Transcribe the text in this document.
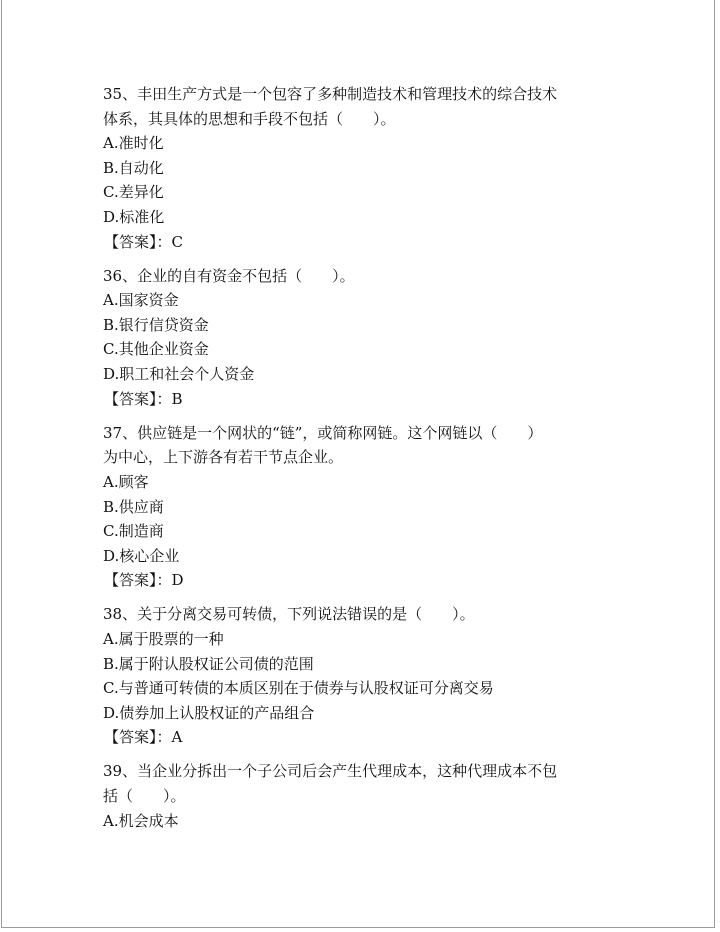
35、丰田生产方式是一个包容了多种制造技术和管理技术的综合技术
体系，其具体的思想和手段不包括（　　）。
A.准时化
B.自动化
C.差异化
D.标准化
【答案】：C
36、企业的自有资金不包括（　　）。
A.国家资金
B.银行信贷资金
C.其他企业资金
D.职工和社会个人资金
【答案】：B
37、供应链是一个网状的“链”，或简称网链。这个网链以（　　）
为中心，上下游各有若干节点企业。
A.顾客
B.供应商
C.制造商
D.核心企业
【答案】：D
38、关于分离交易可转债，下列说法错误的是（　　）。
A.属于股票的一种
B.属于附认股权证公司债的范围
C.与普通可转债的本质区别在于债券与认股权证可分离交易
D.债券加上认股权证的产品组合
【答案】：A
39、当企业分拆出一个子公司后会产生代理成本，这种代理成本不包
括（　　）。
A.机会成本
